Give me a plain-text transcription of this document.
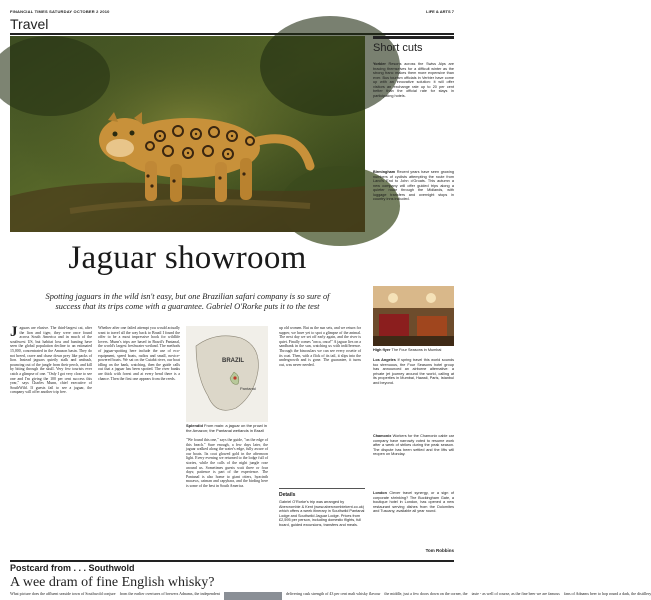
FINANCIAL TIMES SATURDAY OCTOBER 2 2010	LIFE & ARTS 7
Travel
Jaguar showroom
Spotting jaguars in the wild isn't easy, but one Brazilian safari company is so sure of success that its trips come with a guarantee. Gabriel O'Rorke puts it to the test

Jaguars are elusive. The third-largest cat, after the lion and tiger, they were once found across South America and in much of the southwest US, but habitat loss and hunting have seen the global population decline to an estimated 15,000, concentrated in the Amazon basin. They do not breed, crave and chase down prey like packs of lion. Instead jaguars quietly stalk and ambush, pouncing out of the jungle from their perch, and kill by biting through the skull. Very few tourists ever catch a glimpse of one. "Only I got very close to see one and I'm giving the 100 per cent success this year," says Charles Munn, chief executive of SouthWild. If guests fail to see a jaguar, the company will offer another trip free.

Whether after one failed attempt you would actually want to travel all the way back to Brazil I found the offer to be a most impressive hook for wildlife lovers. Munn's trips are based in Brazil's Pantanal, the world's largest freshwater wetland. The methods of jaguar-spotting here include the use of eco-equipment, speed boats, radios and small, novice-powered boats. We sat on the Cuiabá river, our boat idling on the bank, watching, then the guide calls out that a jaguar has been spotted. The river banks are thick with forest and at every bend there is a chance. Then the first one appears from the reeds.

up old women. But as the sun sets, and we return for supper, we have yet to spot a glimpse of the animal. The next day we set off early again, and the river is quiet. Finally comes "onca, onca!" A jaguar lies on a sandbank in the sun, watching us with indifference. Through the binoculars we can see every rosette of its coat. Then, with a flick of its tail, it slips into the undergrowth and is gone. The guarantee, it turns out, was never needed.

BRAZIL
Pantanal
Splendid From main: a jaguar on the prowl in the Amazon; the Pantanal wetlands in Brazil

"We found this one," says the guide, "on the edge of this beach." Sure enough, a few days later, the jaguar walked along the water's edge, fully aware of our boats. Its coat glowed gold in the afternoon light. Every evening we returned to the lodge full of stories, while the calls of the night jungle rose around us. Sometimes guests wait three or four days; patience is part of the experience. The Pantanal is also home to giant otters, hyacinth macaws, caiman and capybara, and the birding here is some of the best in South America.

Details

Gabriel O'Rorke's trip was arranged by Abercrombie & Kent (www.abercrombiekent.co.uk) which offers a week itinerary in Southwild Pantanal Lodge and Southwild Jaguar Lodge. Prices from £2,595 per person, including domestic flights, full board, guided excursions, transfers and meals.

Short cuts

Yorkier Resorts across the Swiss Alps are bracing themselves for a difficult winter as the strong franc makes them more expensive than ever. Bus tourism officials in Verbier have come up with an innovative solution: it will offer visitors an exchange rate up to 20 per cent better than the official rate for stays in participating hotels.

Birmingham Recent years have seen growing numbers of cyclists attempting the route from Land's End to John o'Groats. This autumn a new company will offer guided trips along a quieter route through the Midlands, with luggage transfers and overnight stops in country inns included.

High flyer The Four Seasons in Mumbai

Los Angeles If spring travel this world sounds too strenuous, the Four Seasons hotel group has announced an airborne alternative: a private jet journey around the world, calling at its properties in Mumbai, Hawaii, Paris, Istanbul and beyond.

Chamonix Workers for the Chamonix cable car company have narrowly voted to resume work after a week of strikes during the peak season. The dispute has been settled and the lifts will reopen on Monday.

London Clever travel synergy, or a sign of corporate shrinking? The Buckingham Gate, a boutique hotel in London, has opened a new restaurant serving dishes from the Dolomites and Tuscany, available all year round.

Tom Robbins
Postcard from . . . Southwold
A wee dram of fine English whisky?
What picture does the affluent seaside town of Southwold conjure from the earlier overtures of brewers Adnams, the independent	delivering cask strength of 43 per cent malt whisky flavour the middle, just a few doors down on the corner, the taste - as well of course, as the fine beer we are famous fans of Adnams beer to hop round a dark, the distillery
